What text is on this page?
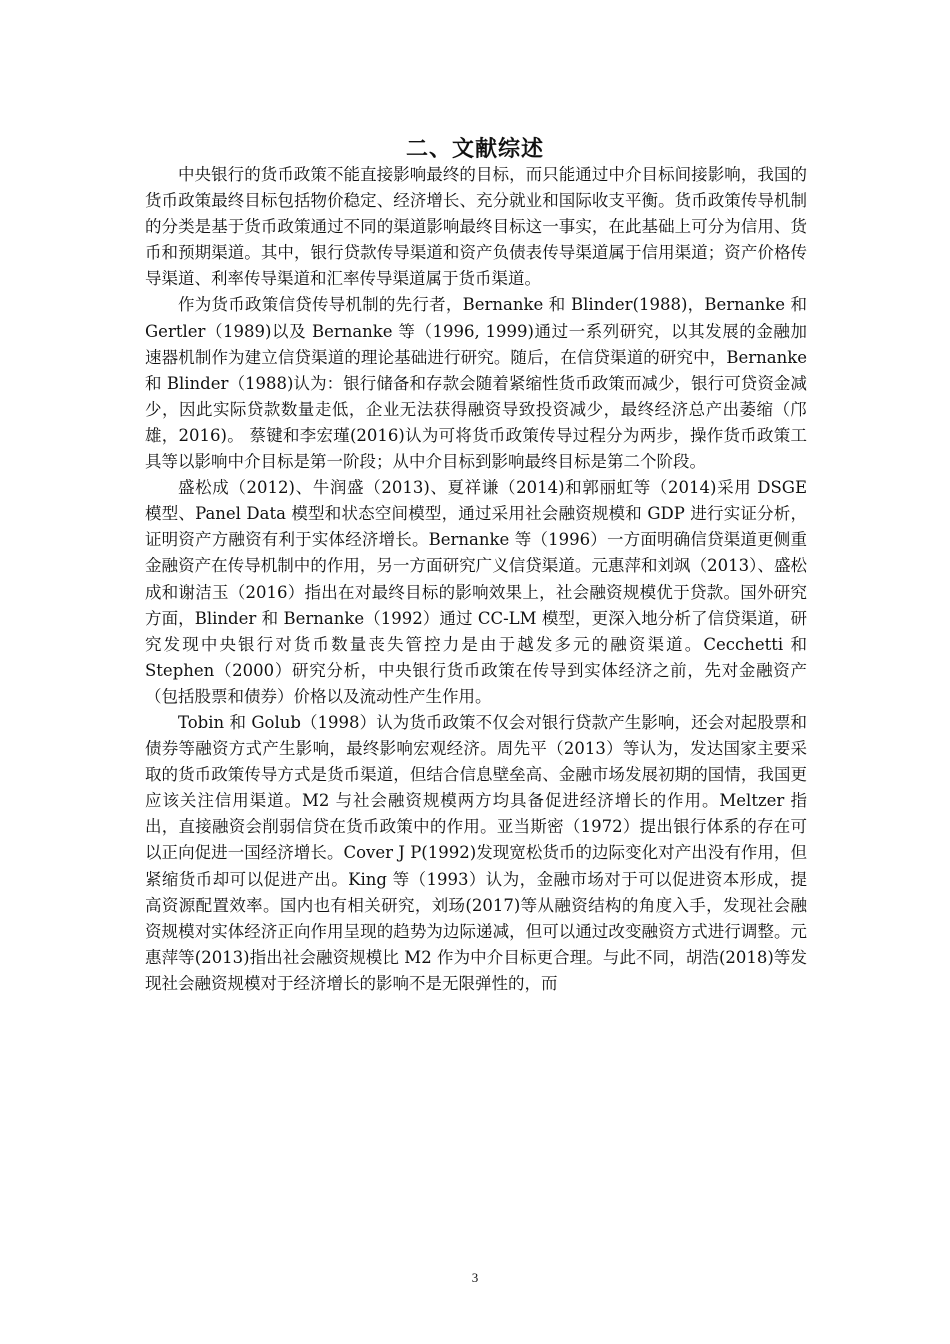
二、文献综述

中央银行的货币政策不能直接影响最终的目标，而只能通过中介目标间接影响，我国的货币政策最终目标包括物价稳定、经济增长、充分就业和国际收支平衡。货币政策传导机制的分类是基于货币政策通过不同的渠道影响最终目标这一事实，在此基础上可分为信用、货币和预期渠道。其中，银行贷款传导渠道和资产负债表传导渠道属于信用渠道；资产价格传导渠道、利率传导渠道和汇率传导渠道属于货币渠道。

作为货币政策信贷传导机制的先行者，Bernanke 和 Blinder(1988)，Bernanke 和 Gertler（1989)以及 Bernanke 等（1996, 1999)通过一系列研究，以其发展的金融加速器机制作为建立信贷渠道的理论基础进行研究。随后，在信贷渠道的研究中，Bernanke 和 Blinder（1988)认为：银行储备和存款会随着紧缩性货币政策而减少，银行可贷资金减少，因此实际贷款数量走低，企业无法获得融资导致投资减少，最终经济总产出萎缩（邝雄，2016)。 蔡键和李宏瑾(2016)认为可将货币政策传导过程分为两步，操作货币政策工具等以影响中介目标是第一阶段；从中介目标到影响最终目标是第二个阶段。

盛松成（2012)、牛润盛（2013)、夏祥谦（2014)和郭丽虹等（2014)采用 DSGE 模型、Panel Data 模型和状态空间模型，通过采用社会融资规模和 GDP 进行实证分析，证明资产方融资有利于实体经济增长。Bernanke 等（1996）一方面明确信贷渠道更侧重金融资产在传导机制中的作用，另一方面研究广义信贷渠道。元惠萍和刘飒（2013）、盛松成和谢洁玉（2016）指出在对最终目标的影响效果上，社会融资规模优于贷款。国外研究方面，Blinder 和 Bernanke（1992）通过 CC-LM 模型，更深入地分析了信贷渠道，研究发现中央银行对货币数量丧失管控力是由于越发多元的融资渠道。Cecchetti 和 Stephen（2000）研究分析，中央银行货币政策在传导到实体经济之前，先对金融资产（包括股票和债券）价格以及流动性产生作用。

Tobin 和 Golub（1998）认为货币政策不仅会对银行贷款产生影响，还会对起股票和债券等融资方式产生影响，最终影响宏观经济。周先平（2013）等认为，发达国家主要采取的货币政策传导方式是货币渠道，但结合信息壁垒高、金融市场发展初期的国情，我国更应该关注信用渠道。M2 与社会融资规模两方均具备促进经济增长的作用。Meltzer 指出，直接融资会削弱信贷在货币政策中的作用。亚当斯密（1972）提出银行体系的存在可以正向促进一国经济增长。Cover J P(1992)发现宽松货币的边际变化对产出没有作用，但紧缩货币却可以促进产出。King 等（1993）认为，金融市场对于可以促进资本形成，提高资源配置效率。国内也有相关研究，刘玚(2017)等从融资结构的角度入手，发现社会融资规模对实体经济正向作用呈现的趋势为边际递减，但可以通过改变融资方式进行调整。元惠萍等(2013)指出社会融资规模比 M2 作为中介目标更合理。与此不同，胡浩(2018)等发现社会融资规模对于经济增长的影响不是无限弹性的，而

3
